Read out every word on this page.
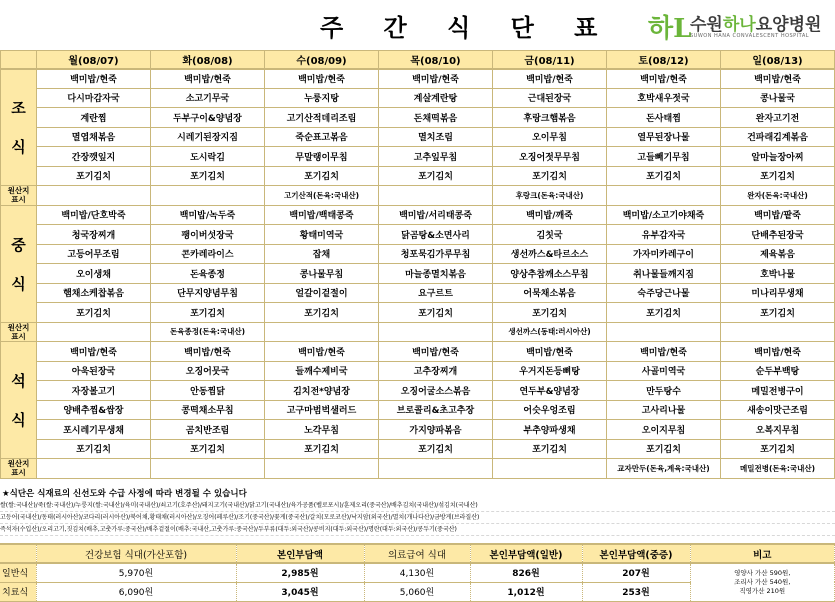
주 간 식 단 표 하L
수원하나요양병원
SUWON HANA CONVALESCENT HOSPITAL
	월(08/07)	화(08/08)	수(08/09)	목(08/10)	금(08/11)	토(08/12)	일(08/13)
조

식	백미밥/현죽	백미밥/현죽	백미밥/현죽	백미밥/현죽	백미밥/현죽	백미밥/현죽	백미밥/현죽
	다시마감자국	소고기무국	누룽지탕	계살계란탕	근대된장국	호박새우젓국	콩나물국
	계란찜	두부구이&양념장	고기산적데리조림	돈채떡볶음	후랑크햄볶음	돈사태찜	완자고기전
	멸엽채볶음	시레기된장지짐	죽순표고볶음	멸치조림	오이무침	열무된장나물	건파래김계볶음
	간장깻잎지	도시락김	무말랭이무침	고추잎무침	오징어젓무무침	고들빼기무침	알마늘장아찌
	포기김치	포기김치	포기김치	포기김치	포기김치	포기김치	포기김치
원산지
표시			고기산적(돈육:국내산)		후랑크(돈육:국내산)		완자(돈육:국내산)
중

식	백미밥/단호박죽	백미밥/녹두죽	백미밥/백태콩죽	백미밥/서리태콩죽	백미밥/깨죽	백미밥/소고기야채죽	백미밥/팥죽
	청국장찌개	팽이버섯장국	황태미역국	닭곰탕&소면사리	김칫국	유부감자국	단배추된장국
	고등어무조림	콘카레라이스	잡채	청포묵김가루무침	생선까스&타르소스	가자미카레구이	제육볶음
	오이생채	돈육종정	콩나물무침	마늘종멸치볶음	양상추참깨소스무침	취나물들깨지짐	호박나물
	햄채소케찹볶음	단무지양념무침	얼갈이겉절이	요구르트	어묵채소볶음	숙주당근나물	미나리무생채
	포기김치	포기김치	포기김치	포기김치	포기김치	포기김치	포기김치
원산지
표시		돈육종정(돈육:국내산)			생선까스(동태:러시아산)		
석

식	백미밥/현죽	백미밥/현죽	백미밥/현죽	백미밥/현죽	백미밥/현죽	백미밥/현죽	백미밥/현죽
	아욱된장국	오징어뭇국	들깨수제비국	고추장찌개	우거지돈등뼈탕	사골미역국	순두부백탕
	자장볼고기	안동찜닭	김치전*양념장	오징어굴소스볶음	연두부&양념장	만두탕수	메밀전병구이
	양배추찜&쌈장	콩떡채소무침	고구마범벅샐러드	브로콜리&초고추장	어슷우엉조림	고사리나물	새송이맛근조림
	포시레기무생채	곰치반조림	노각무침	가지양파볶음	부추양파생채	오이지무침	오복지무침
	포기김치	포기김치	포기김치	포기김치	포기김치	포기김치	포기김치
원산지
표시						교자만두(돈육,계육:국내산)	메밀전병(돈육:국내산)
★식단은 식재료의 신선도와 수급 사정에 따라 변경될 수 있습니다
쌀(쌀:국내산)/죽(쌀:국내산)/누룽지(쌀:국내산)/육미(국내산)/쇠고기(호주산)/돼지고기(국내산)/닭고기(국내산)/육가공품(벨로포시)/훈제오리(중국산)/배추김치(국내산)/섞김치(국내산)
고등어(국내산)/동태(러시아산)/코다리(러시아산)/북어채,황태채(러시아산)/오징어(페루산)/조기(중국산)/꽃게(중국산)/갈치(모로코산)/낙지암(외국산)/멸치(개나다산)/금방게(브라질산)
즉석자(수입산)/오리고기,짓김치(배추,고춧가루:중국산)/배추겉절이(배추:국내산,고춧가루:중국산)/두부류(대두:외국산)/콩비지(대두:외국산)/명란(대두:외국산)/콩두기(중국산)
	건강보험 식대(가산포함)	본인부담액	의료급여 식대	본인부담액(일반)	본인부담액(중증)	비고
일반식	5,970원	2,985원	4,130원	826원	207원	영양사 가산 590원,
조리사 가산 540원,
직영가산 210원

치료식	6,090원	3,045원	5,060원	1,012원	253원	
